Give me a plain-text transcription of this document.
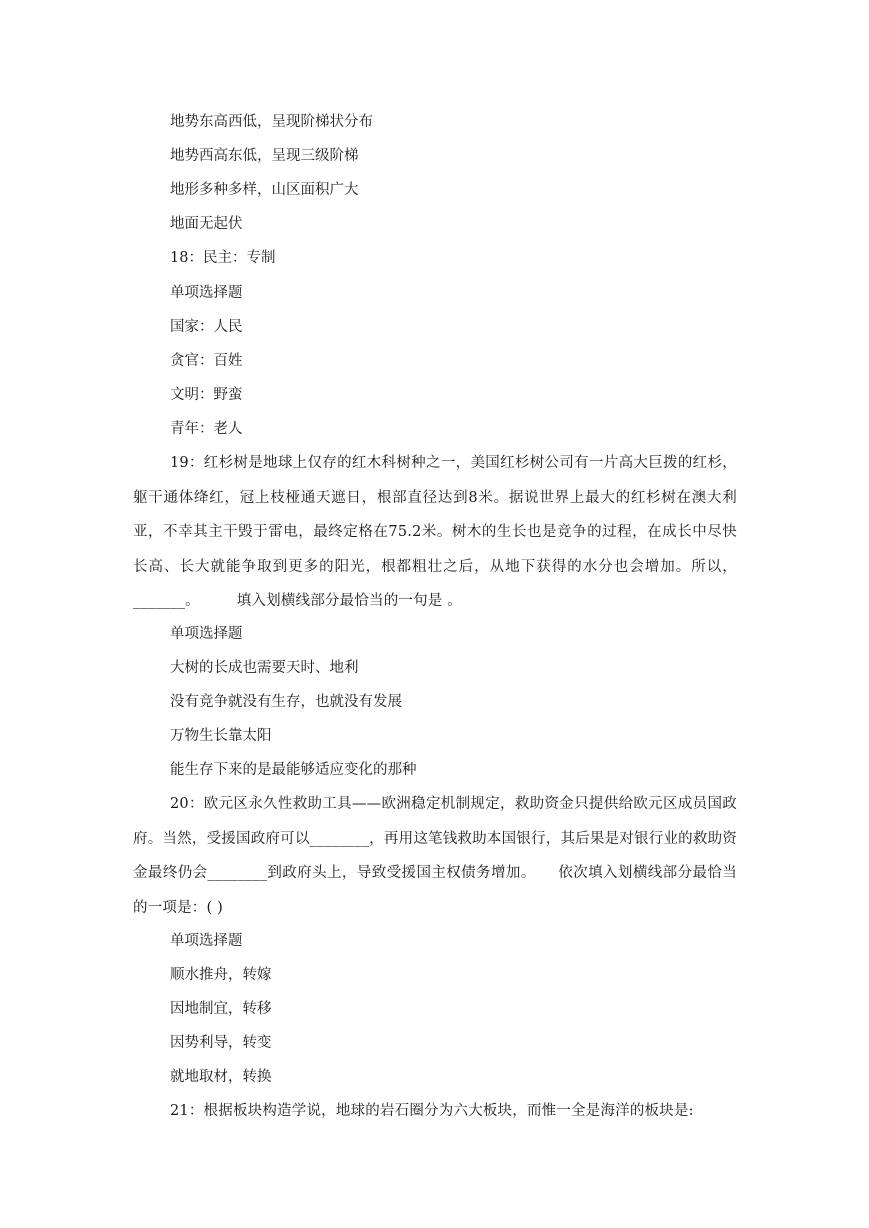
地势东高西低，呈现阶梯状分布
地势西高东低，呈现三级阶梯
地形多种多样，山区面积广大
地面无起伏
18：民主：专制
单项选择题
国家：人民
贪官：百姓
文明：野蛮
青年：老人
19：红杉树是地球上仅存的红木科树种之一，美国红杉树公司有一片高大巨拨的红杉，躯干通体绛红，冠上枝桠通天遮日，根部直径达到8米。据说世界上最大的红杉树在澳大利亚，不幸其主干毁于雷电，最终定格在75.2米。树木的生长也是竞争的过程，在成长中尽快长高、长大就能争取到更多的阳光，根都粗壮之后，从地下获得的水分也会增加。所以，_______。　　　填入划横线部分最恰当的一句是 。
单项选择题
大树的长成也需要天时、地利
没有竞争就没有生存，也就没有发展
万物生长靠太阳
能生存下来的是最能够适应变化的那种
20：欧元区永久性救助工具——欧洲稳定机制规定，救助资金只提供给欧元区成员国政府。当然，受援国政府可以________，再用这笔钱救助本国银行，其后果是对银行业的救助资金最终仍会________到政府头上，导致受援国主权债务增加。　　依次填入划横线部分最恰当的一项是：( )
单项选择题
顺水推舟，转嫁
因地制宜，转移
因势利导，转变
就地取材，转换
21：根据板块构造学说，地球的岩石圈分为六大板块，而惟一全是海洋的板块是:
